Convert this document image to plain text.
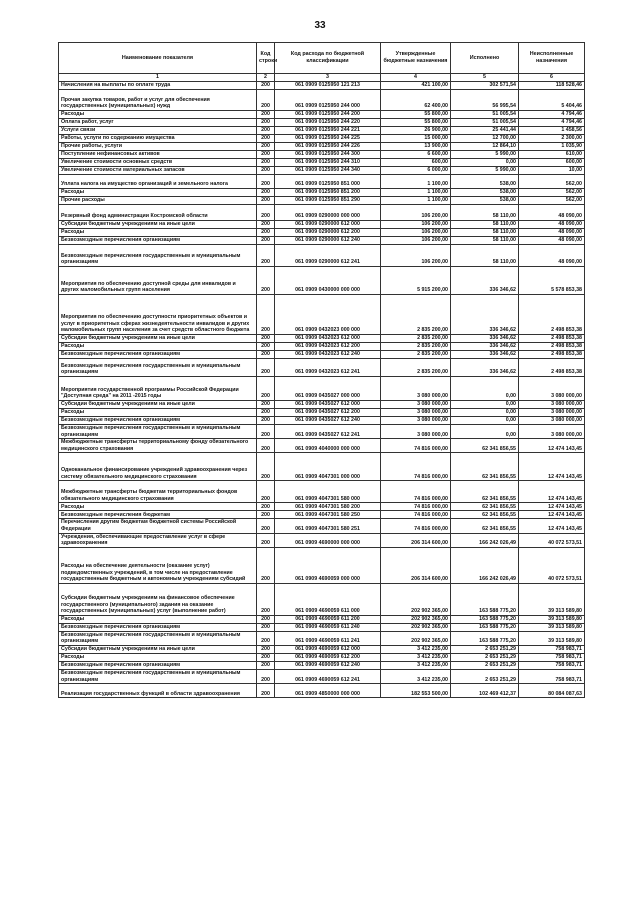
33
Наименование показателя	Код строки	Код расхода по бюджетной классификации	Утвержденные бюджетные назначения	Исполнено	Неисполненные назначения
1	2	3	4	5	6
Начисления на выплаты по оплате труда	200	061 0909 0125950 121 213	421 100,00	302 571,54	118 528,46
Прочая закупка товаров, работ и услуг для обеспечения государственных (муниципальных) нужд	200	061 0909 0125950 244 000	62 400,00	56 995,54	5 404,46
Расходы	200	061 0909 0125950 244 200	55 800,00	51 005,54	4 794,46
Оплата работ, услуг	200	061 0909 0125950 244 220	55 800,00	51 005,54	4 794,46
Услуги связи	200	061 0909 0125950 244 221	26 900,00	25 441,44	1 458,56
Работы, услуги по содержанию имущества	200	061 0909 0125950 244 225	15 000,00	12 700,00	2 300,00
Прочие работы, услуги	200	061 0909 0125950 244 226	13 900,00	12 864,10	1 035,90
Поступление нефинансовых активов	200	061 0909 0125950 244 300	6 600,00	5 990,00	610,00
Увеличение стоимости основных средств	200	061 0909 0125950 244 310	600,00	0,00	600,00
Увеличение стоимости материальных запасов	200	061 0909 0125950 244 340	6 000,00	5 990,00	10,00
Уплата налога на имущество организаций и земельного налога	200	061 0909 0125950 851 000	1 100,00	538,00	562,00
Расходы	200	061 0909 0125950 851 200	1 100,00	538,00	562,00
Прочие расходы	200	061 0909 0125950 851 290	1 100,00	538,00	562,00
Резервный фонд администрации Костромской области	200	061 0909 0290000 000 000	106 200,00	58 110,00	48 090,00
Субсидии бюджетным учреждениям на иные цели	200	061 0909 0290000 612 000	106 200,00	58 110,00	48 090,00
Расходы	200	061 0909 0290000 612 200	106 200,00	58 110,00	48 090,00
Безвозмездные перечисления организациям	200	061 0909 0290000 612 240	106 200,00	58 110,00	48 090,00
Безвозмездные перечисления государственным и муниципальным организациям	200	061 0909 0290000 612 241	106 200,00	58 110,00	48 090,00
Мероприятия по обеспечению доступной среды для инвалидов и других маломобильных групп населения	200	061 0909 0430000 000 000	5 915 200,00	336 346,62	5 578 853,38
Мероприятия по обеспечению доступности приоритетных объектов и услуг в приоритетных сферах жизнедеятельности инвалидов и других маломобильных групп населения за счет средств областного бюджета	200	061 0909 0432023 000 000	2 835 200,00	336 346,62	2 498 853,38
Субсидии бюджетным учреждениям на иные цели	200	061 0909 0432023 612 000	2 835 200,00	336 346,62	2 498 853,38
Расходы	200	061 0909 0432023 612 200	2 835 200,00	336 346,62	2 498 853,38
Безвозмездные перечисления организациям	200	061 0909 0432023 612 240	2 835 200,00	336 346,62	2 498 853,38
Безвозмездные перечисления государственным и муниципальным организациям	200	061 0909 0432023 612 241	2 835 200,00	336 346,62	2 498 853,38
Мероприятия государственной программы Российской Федерации "Доступная среда" на 2011 -2015 годы	200	061 0909 0435027 000 000	3 080 000,00	0,00	3 080 000,00
Субсидии бюджетным учреждениям на иные цели	200	061 0909 0435027 612 000	3 080 000,00	0,00	3 080 000,00
Расходы	200	061 0909 0435027 612 200	3 080 000,00	0,00	3 080 000,00
Безвозмездные перечисления организациям	200	061 0909 0435027 612 240	3 080 000,00	0,00	3 080 000,00
Безвозмездные перечисления государственным и муниципальным организациям	200	061 0909 0435027 612 241	3 080 000,00	0,00	3 080 000,00
Межбюджетные трансферты территориальному фонду обязательного медицинского страхования	200	061 0909 4040000 000 000	74 816 000,00	62 341 856,55	12 474 143,45
Одноканальное финансирование учреждений здравоохранения через систему обязательного медицинского страхования	200	061 0909 4047301 000 000	74 816 000,00	62 341 856,55	12 474 143,45
Межбюджетные трансферты бюджетам территориальных фондов обязательного медицинского страхования	200	061 0909 4047301 580 000	74 816 000,00	62 341 856,55	12 474 143,45
Расходы	200	061 0909 4047301 580 200	74 816 000,00	62 341 856,55	12 474 143,45
Безвозмездные перечисления бюджетам	200	061 0909 4047301 580 250	74 816 000,00	62 341 856,55	12 474 143,45
Перечисления другим бюджетам бюджетной системы Российской Федерации	200	061 0909 4047301 580 251	74 816 000,00	62 341 856,55	12 474 143,45
Учреждения, обеспечивающие предоставление услуг в сфере здравоохранения	200	061 0909 4690000 000 000	206 314 600,00	166 242 026,49	40 072 573,51
Расходы на обеспечение деятельности (оказание услуг) подведомственных учреждений, в том числе на предоставление государственным бюджетным и автономным учреждениям субсидий	200	061 0909 4690059 000 000	206 314 600,00	166 242 026,49	40 072 573,51
Субсидии бюджетным учреждениям на финансовое обеспечение государственного (муниципального) задания на оказание государственных (муниципальных) услуг (выполнение работ)	200	061 0909 4690059 611 000	202 902 365,00	163 588 775,20	39 313 589,80
Расходы	200	061 0909 4690059 611 200	202 902 365,00	163 588 775,20	39 313 589,80
Безвозмездные перечисления организациям	200	061 0909 4690059 611 240	202 902 365,00	163 588 775,20	39 313 589,80
Безвозмездные перечисления государственным и муниципальным организациям	200	061 0909 4690059 611 241	202 902 365,00	163 588 775,20	39 313 589,80
Субсидии бюджетным учреждениям на иные цели	200	061 0909 4690059 612 000	3 412 235,00	2 653 251,29	758 983,71
Расходы	200	061 0909 4690059 612 200	3 412 235,00	2 653 251,29	758 983,71
Безвозмездные перечисления организациям	200	061 0909 4690059 612 240	3 412 235,00	2 653 251,29	758 983,71
Безвозмездные перечисления государственным и муниципальным организациям	200	061 0909 4690059 612 241	3 412 235,00	2 653 251,29	758 983,71
Реализация государственных функций в области здравоохранения	200	061 0909 4850000 000 000	182 553 500,00	102 469 412,37	80 084 087,63
